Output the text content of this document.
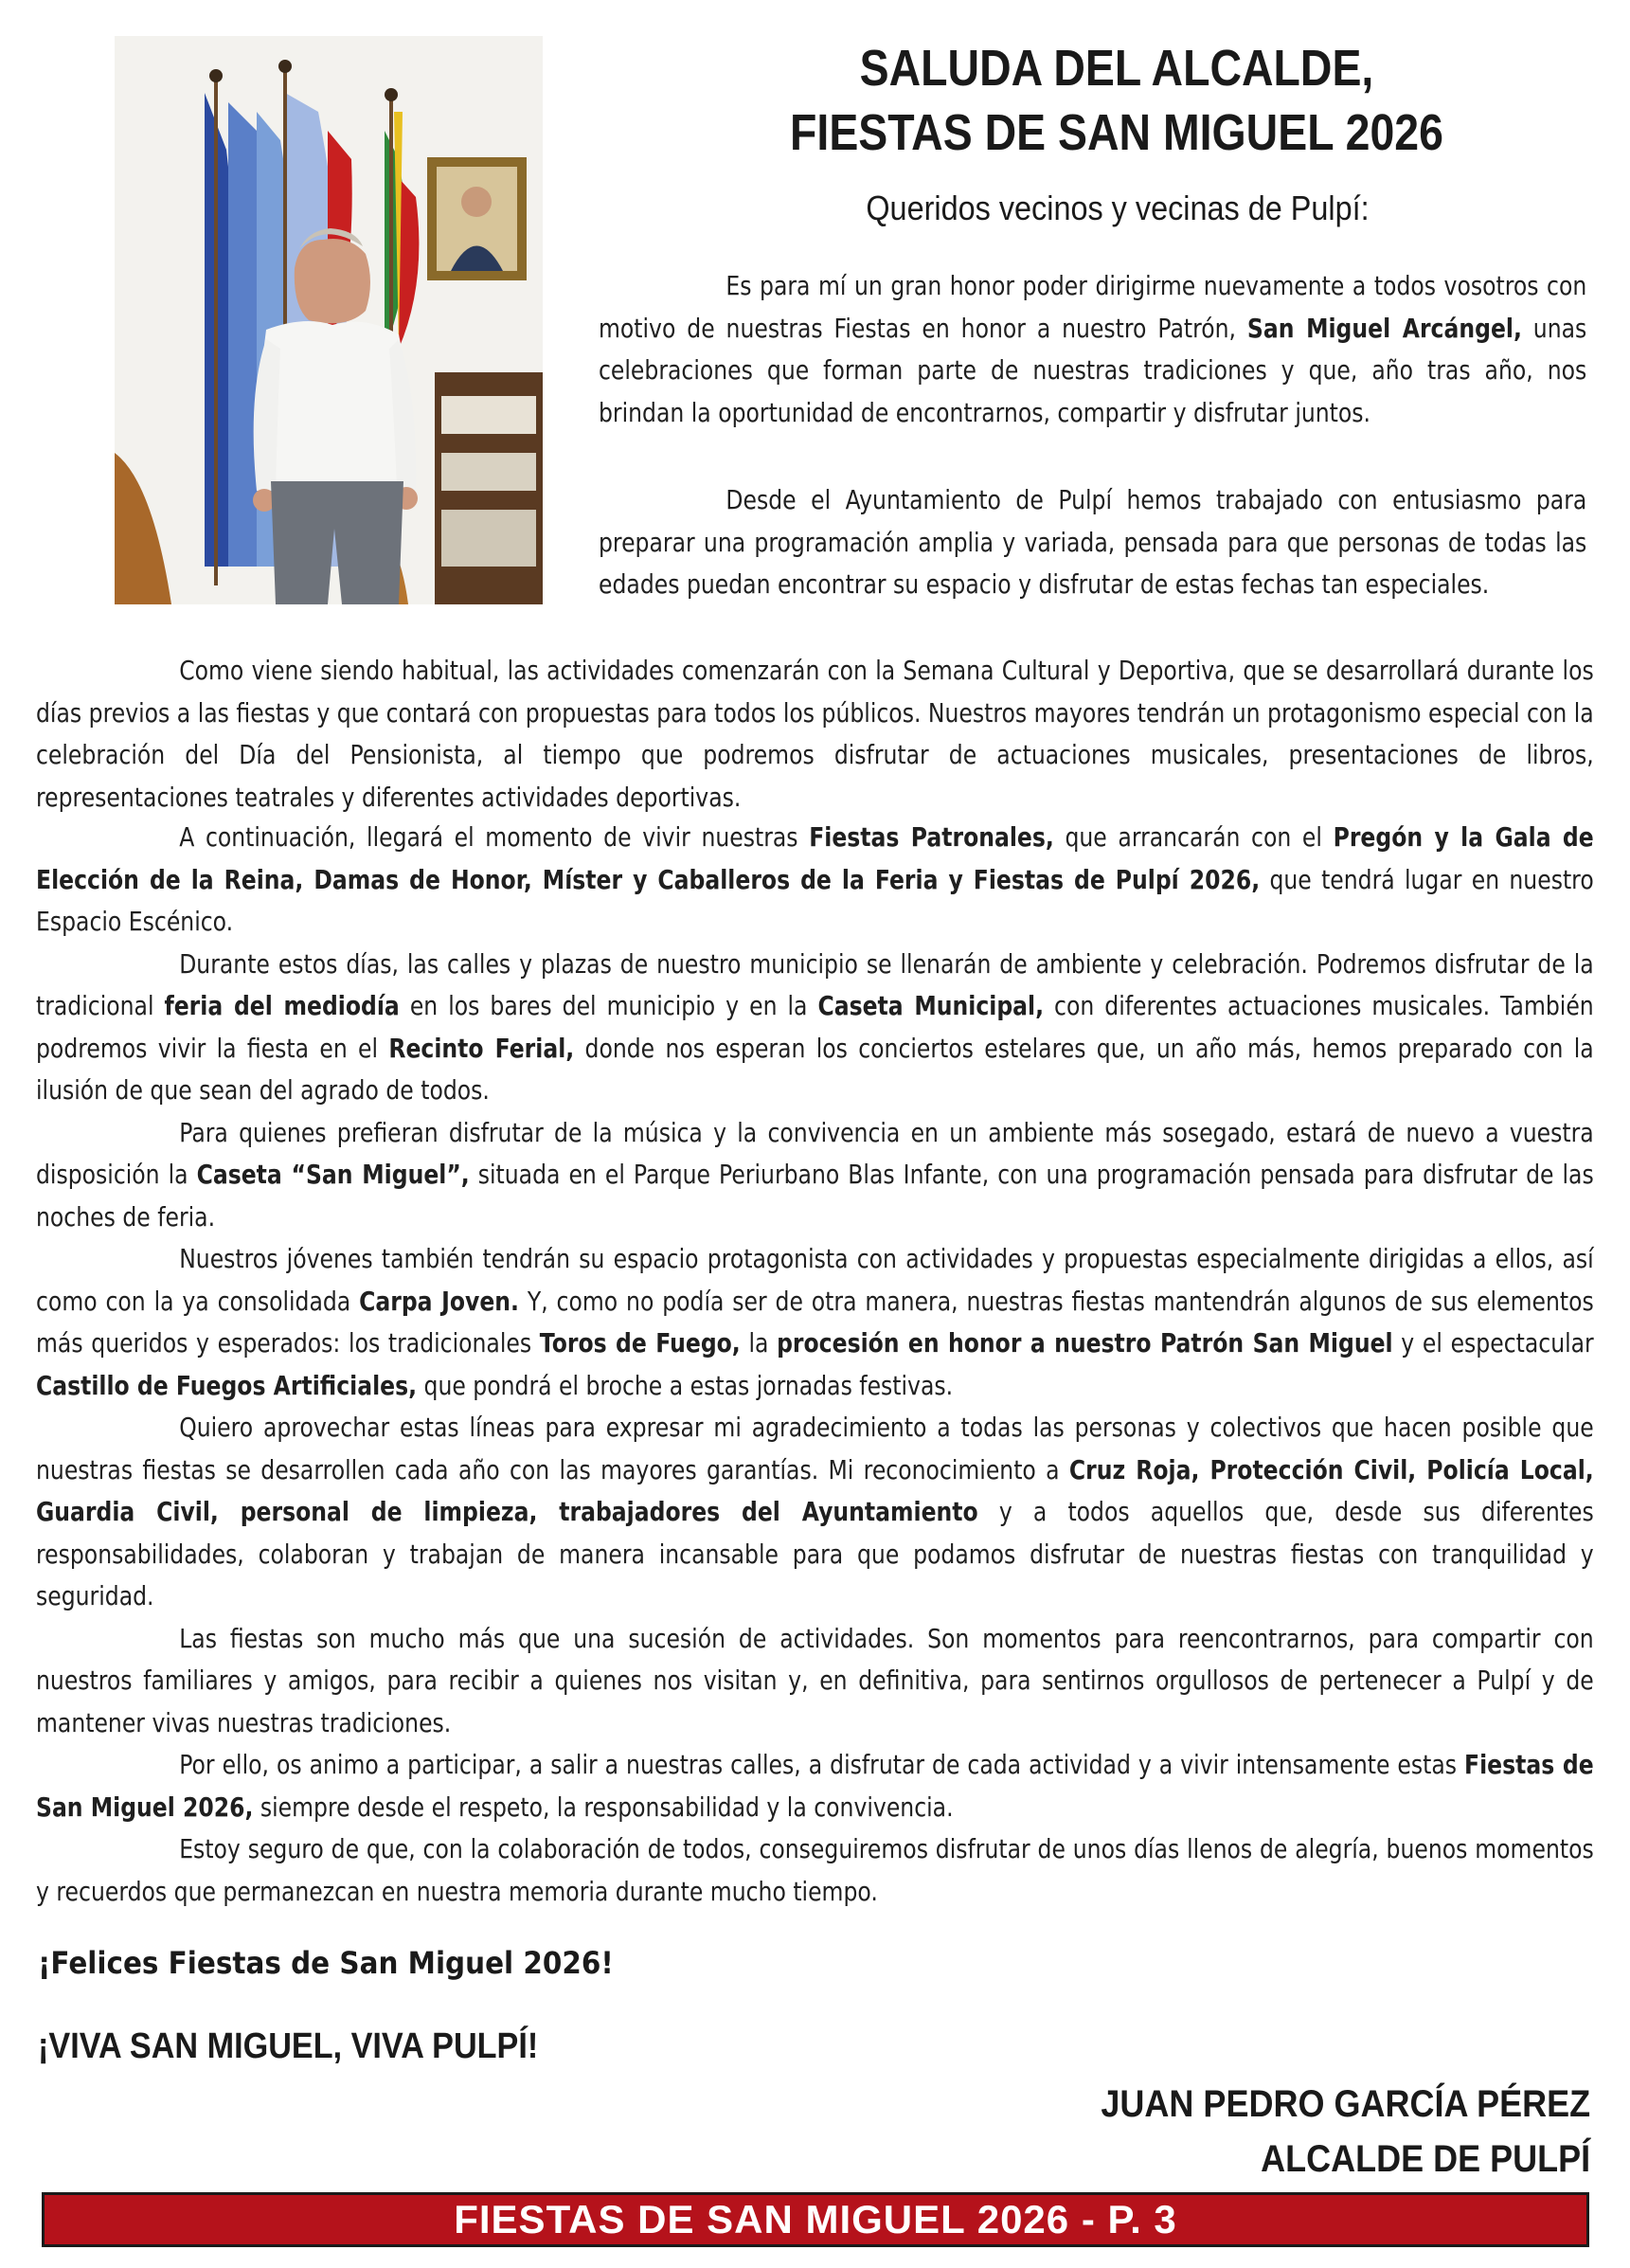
SALUDA DEL ALCALDE,
FIESTAS DE SAN MIGUEL 2026
Queridos vecinos y vecinas de Pulpí:
Es para mí un gran honor poder dirigirme nuevamente a todos vosotros con motivo de nuestras Fiestas en honor a nuestro Patrón, San Miguel Arcángel, unas celebraciones que forman parte de nuestras tradiciones y que, año tras año, nos brindan la oportunidad de encontrarnos, compartir y disfrutar juntos.
Desde el Ayuntamiento de Pulpí hemos trabajado con entusiasmo para preparar una programación amplia y variada, pensada para que personas de todas las edades puedan encontrar su espacio y disfrutar de estas fechas tan especiales.
Como viene siendo habitual, las actividades comenzarán con la Semana Cultural y Deportiva, que se desarrollará durante los días previos a las fiestas y que contará con propuestas para todos los públicos. Nuestros mayores tendrán un protagonismo especial con la celebración del Día del Pensionista, al tiempo que podremos disfrutar de actuaciones musicales, presentaciones de libros, representaciones teatrales y diferentes actividades deportivas.

A continuación, llegará el momento de vivir nuestras Fiestas Patronales, que arrancarán con el Pregón y la Gala de Elección de la Reina, Damas de Honor, Míster y Caballeros de la Feria y Fiestas de Pulpí 2026, que tendrá lugar en nuestro Espacio Escénico.

Durante estos días, las calles y plazas de nuestro municipio se llenarán de ambiente y celebración. Podremos disfrutar de la tradicional feria del mediodía en los bares del municipio y en la Caseta Municipal, con diferentes actuaciones musicales. También podremos vivir la fiesta en el Recinto Ferial, donde nos esperan los conciertos estelares que, un año más, hemos preparado con la ilusión de que sean del agrado de todos.

Para quienes prefieran disfrutar de la música y la convivencia en un ambiente más sosegado, estará de nuevo a vuestra disposición la Caseta “San Miguel”, situada en el Parque Periurbano Blas Infante, con una programación pensada para disfrutar de las noches de feria.

Nuestros jóvenes también tendrán su espacio protagonista con actividades y propuestas especialmente dirigidas a ellos, así como con la ya consolidada Carpa Joven. Y, como no podía ser de otra manera, nuestras fiestas mantendrán algunos de sus elementos más queridos y esperados: los tradicionales Toros de Fuego, la procesión en honor a nuestro Patrón San Miguel y el espectacular Castillo de Fuegos Artificiales, que pondrá el broche a estas jornadas festivas.

Quiero aprovechar estas líneas para expresar mi agradecimiento a todas las personas y colectivos que hacen posible que nuestras fiestas se desarrollen cada año con las mayores garantías. Mi reconocimiento a Cruz Roja, Protección Civil, Policía Local, Guardia Civil, personal de limpieza, trabajadores del Ayuntamiento y a todos aquellos que, desde sus diferentes responsabilidades, colaboran y trabajan de manera incansable para que podamos disfrutar de nuestras fiestas con tranquilidad y seguridad.

Las fiestas son mucho más que una sucesión de actividades. Son momentos para reencontrarnos, para compartir con nuestros familiares y amigos, para recibir a quienes nos visitan y, en definitiva, para sentirnos orgullosos de pertenecer a Pulpí y de mantener vivas nuestras tradiciones.

Por ello, os animo a participar, a salir a nuestras calles, a disfrutar de cada actividad y a vivir intensamente estas Fiestas de San Miguel 2026, siempre desde el respeto, la responsabilidad y la convivencia.

Estoy seguro de que, con la colaboración de todos, conseguiremos disfrutar de unos días llenos de alegría, buenos momentos y recuerdos que permanezcan en nuestra memoria durante mucho tiempo.

¡Felices Fiestas de San Miguel 2026!
¡VIVA SAN MIGUEL, VIVA PULPÍ!
JUAN PEDRO GARCÍA PÉREZ
ALCALDE DE PULPÍ
FIESTAS DE SAN MIGUEL 2026 - P. 3
